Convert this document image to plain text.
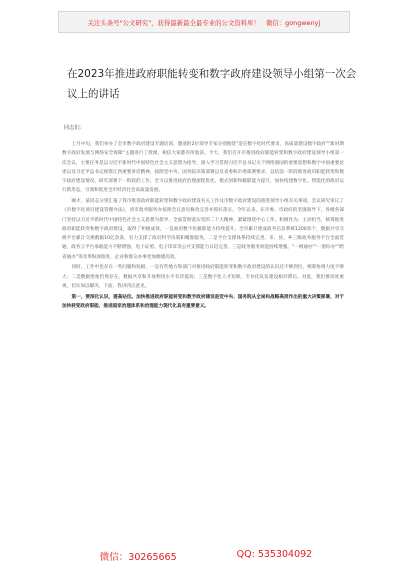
关注头条号"公文研究"，获得最新最全最专业的公文资料库！ 微信：gongwenyj
在2023年推进政府职能转变和数字政府建设领导小组第一次会议上的讲话
同志们：

上月中旬，我们举办了全市数字政府建设专题培训，邀请的2位领导专家分别围绕"适应数字化时代要求，高质量建设数字政府""新时期数字政府发展与网络安全保障"主题进行了授课，相信大家都有所收获。今天，我们召开市推进政府职能转变和数字政府建设领导小组第一次会议，主要任务是以习近平新时代中国特色社会主义思想为指导，深入学习贯彻习近平总书记关于网络强国的重要思想和数字中国重要论述以及习近平总书记视察江西重要讲话精神，按照党中央、国务院决策部署以及省委和市委部署要求，总结前一阶段推进政府职能转变和数字政府建设情况，研究部署下一阶段的工作，全力以推进政府治理流程优化、模式创新和履职能力提升，加快构建数字化、智能化的政府运行新形态，引领和促进全市经济社会高质量发展。

刚才，某同志分别汇报了我市推进政府职能转变和数字政府建设有关工作及市数字政府建设的推进领导小组有关事项，会议研究审议了《市数字化项目建设管理办法》，请市政务服务办按照会议意见修改完善并抓好落实。今年以来，在市委、市政府的坚强领导下，各级各部门坚持以习近平新时代中国特色社会主义思想为指导，全面贯彻落实党的二十大精神，紧紧围绕中心工作，积极作为、主动担当，统筹推进政府职能转变和数字政府建设，取得了积极成效。一是政府数字化履职能力持续提升。全市累计建成政务信息系统1200余个，数据共享交换平台累计交换数据10亿余条，有力支撑了政府科学决策和精准服务。二是平台支撑体系持续完善。市、县、乡三级政务服务平台全面贯通，政务云平台承载能力不断增强，电子证照、电子印章等公共支撑能力日趋完善。三是政务服务效能持续增强。"一网通办""一窗综办""跨省通办"等改革纵深推进，企业和群众办事更加便捷高效。

同时，工作中也存在一些问题和短板，一是有些地方和部门对推进政府职能转变和数字政府建设的认识还不够到位，统筹协调力度不够大；二是数据壁垒仍然存在，数据共享和开放利用水平有待提高；三是数字化人才短缺，专业化队伍建设相对滞后。对此，我们要高度重视，切实加以解决，下面，我讲四点意见。

第一，要深化认识，提高站位。加快推进政府职能转变和数字政府建设是党中央、国务院从全局和战略高度作出的重大决策部署，对于加快转变政府职能、推进国家治理体系和治理能力现代化具有重要意义。

微信：30265665	QQ: 535304092
